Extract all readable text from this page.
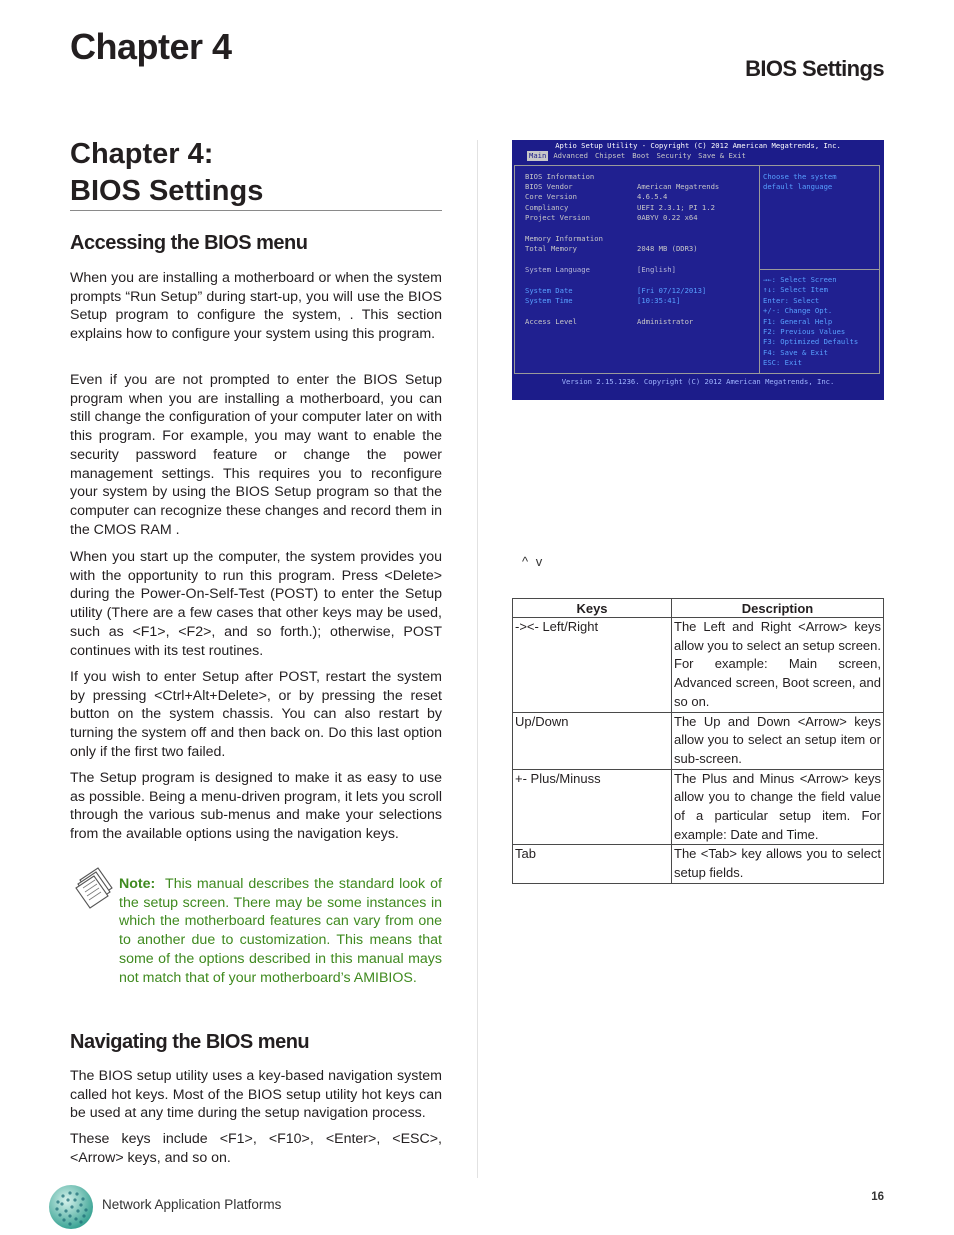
Chapter 4
BIOS Settings
Chapter 4:
BIOS Settings
Accessing the BIOS menu

When you are installing a motherboard or when the system prompts “Run Setup” during start-up, you will use the BIOS Setup program to configure the system, . This section explains how to configure your system using this program.

Even if you are not prompted to enter the BIOS Setup program when you are installing a motherboard, you can still change the configuration of your computer later on with this program. For example, you may want to enable the security password feature or change the power management settings. This requires you to reconfigure your system by using the BIOS Setup program so that the computer can recognize these changes and record them in the CMOS RAM .

When you start up the computer, the system provides you with the opportunity to run this program. Press <Delete> during the Power-On-Self-Test (POST) to enter the Setup utility (There are a few cases that other keys may be used, such as <F1>, <F2>, and so forth.); otherwise, POST continues with its test routines.

If you wish to enter Setup after POST, restart the system by pressing <Ctrl+Alt+Delete>, or by pressing the reset button on the system chassis. You can also restart by turning the system off and then back on. Do this last option only if the first two failed.

The Setup program is designed to make it as easy to use as possible. Being a menu-driven program, it lets you scroll through the various sub-menus and make your selections from the available options using the navigation keys.

Note: This manual describes the standard look of the setup screen. There may be some instances in which the motherboard features can vary from one to another due to customization. This means that some of the options described in this manual mays not match that of your motherboard’s AMIBIOS.
Navigating the BIOS menu

The BIOS setup utility uses a key-based navigation system called hot keys. Most of the BIOS setup utility hot keys can be used at any time during the setup navigation process.

These keys include <F1>, <F10>, <Enter>, <ESC>, <Arrow> keys, and so on.

Aptio Setup Utility - Copyright (C) 2012 American Megatrends, Inc.
Main Advanced Chipset Boot Security Save & Exit
BIOS Information
BIOS Vendor	American Megatrends
Core Version	4.6.5.4
Compliancy	UEFI 2.3.1; PI 1.2
Project Version	0ABYV 0.22 x64
Memory Information
Total Memory	2048 MB (DDR3)
System Language	[English]
System Date	[Fri 07/12/2013]
System Time	[10:35:41]
Access Level	Administrator
Choose the system
default language
→←: Select Screen
↑↓: Select Item
Enter: Select
+/-: Change Opt.
F1: General Help
F2: Previous Values
F3: Optimized Defaults
F4: Save & Exit
ESC: Exit
Version 2.15.1236. Copyright (C) 2012 American Megatrends, Inc.
^ v
Keys	Description
-><- Left/Right	The Left and Right <Arrow> keys allow you to select an setup screen. For example: Main screen, Advanced screen, Boot screen, and so on.
Up/Down	The Up and Down <Arrow> keys allow you to select an setup item or sub-screen.
+- Plus/Minuss	The Plus and Minus <Arrow> keys allow you to change the field value of a particular setup item. For example: Date and Time.
Tab	The <Tab> key allows you to select setup fields.
Network Application Platforms	16
